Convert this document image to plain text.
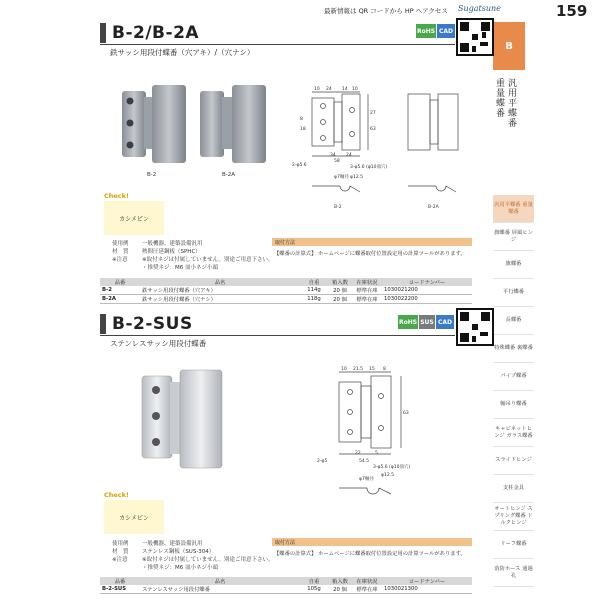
最新情報は QR コードから HP へアクセス Sugatsune	159
B
汎用平蝶番
重量蝶番
汎用平蝶番 重量蝶番
旗蝶番 屏風ヒンジ
旗蝶番
平行蝶番
長蝶番
特殊蝶番 裏蝶番
パイプ蝶番
軸吊り蝶番
キャビネットヒンジ ガラス蝶番
スライドヒンジ
支柱金具
オートヒンジ スプリング蝶番 ドルクヒンジ
リーフ蝶番
消防ホース 通過孔
B-2/B-2A	RoHS CAD
鉄サッシ用段付蝶番（穴アキ）/（穴ナシ）
B-2	B-2A
10 24 14 10
58
34 24
φ7軸径 φ12.5
3-φ5.6 (φ10皿穴)
2-φ5.6
8
18
27
63
B-2	B-2A
Check!
カシメピン
使用例	一般機器、建築設備汎用
材　質	熱間圧延鋼板（SPHC）
※注意	※取付ネジは付属していません。別途ご用意下さい。
・推奨ネジ：M6 皿小ネジ小頭
取付方法
【蝶番の計算式】 ホームページに蝶番取付位置設定用の計算ツールがあります。
品番	品名	自重	箱入数	在庫状況	コードナンバー
B-2	鉄サッシ用段付蝶番（穴アキ）	114g	20 個	標準在庫	1030021200
B-2A	鉄サッシ用段付蝶番（穴ナシ）	118g	20 個	標準在庫	1030022200
B-2-SUS	RoHS SUS CAD
ステンレスサッシ用段付蝶番
10 21.5 15 8
63
54.5
22	5
φ7軸径
φ12.5
3-φ5.6 (φ10皿穴)
2-φ5
Check!
カシメピン
使用例	一般機器、建築設備汎用
材　質	ステンレス鋼板（SUS-304）
※注意	※取付ネジは付属していません。別途ご用意下さい。
・推奨ネジ：M6 皿小ネジ小頭
取付方法
【蝶番の計算式】 ホームページに蝶番取付位置設定用の計算ツールがあります。
品番	品名	自重	箱入数	在庫状況	コードナンバー
B-2-SUS	ステンレスサッシ用段付蝶番	105g	20 個	標準在庫	1030021300
